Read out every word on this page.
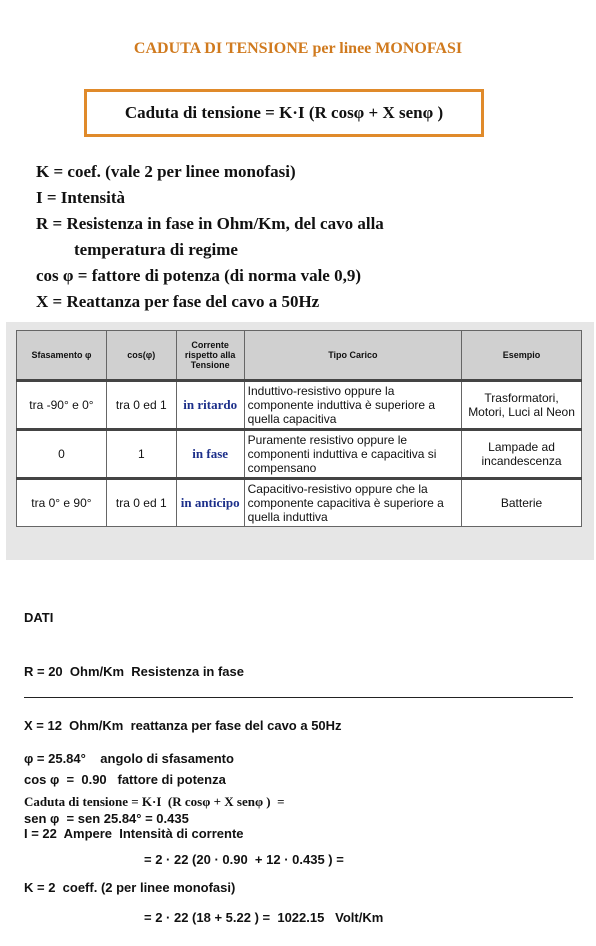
CADUTA DI TENSIONE per linee MONOFASI
Caduta di tensione = K·I (R cosφ + X senφ )
K = coef. (vale 2 per linee monofasi)
I = Intensità
R = Resistenza in fase in Ohm/Km, del cavo alla
temperatura di regime
cos φ = fattore di potenza (di norma vale 0,9)
X = Reattanza per fase del cavo a 50Hz
Sfasamento φ	cos(φ)	Corrente rispetto alla Tensione	Tipo Carico	Esempio
tra -90° e 0°	tra 0 ed 1	in ritardo	Induttivo-resistivo oppure la componente induttiva è superiore a quella capacitiva	Trasformatori, Motori, Luci al Neon
0	1	in fase	Puramente resistivo oppure le componenti induttiva e capacitiva si compensano	Lampade ad incandescenza
tra 0° e 90°	tra 0 ed 1	in anticipo	Capacitivo-resistivo oppure che la componente capacitiva è superiore a quella induttiva	Batterie

DATI

R = 20  Ohm/Km  Resistenza in fase

X = 12  Ohm/Km  reattanza per fase del cavo a 50Hz

cos φ  =  0.90   fattore di potenza

I = 22  Ampere  Intensità di corrente

K = 2  coeff. (2 per linee monofasi)

φ = 25.84°    angolo di sfasamento

sen φ  = sen 25.84° = 0.435

Caduta di tensione = K·I  (R cosφ + X senφ )  =

= 2 · 22 (20 · 0.90  + 12 · 0.435 ) =

= 2 · 22 (18 + 5.22 ) =  1022.15   Volt/Km
